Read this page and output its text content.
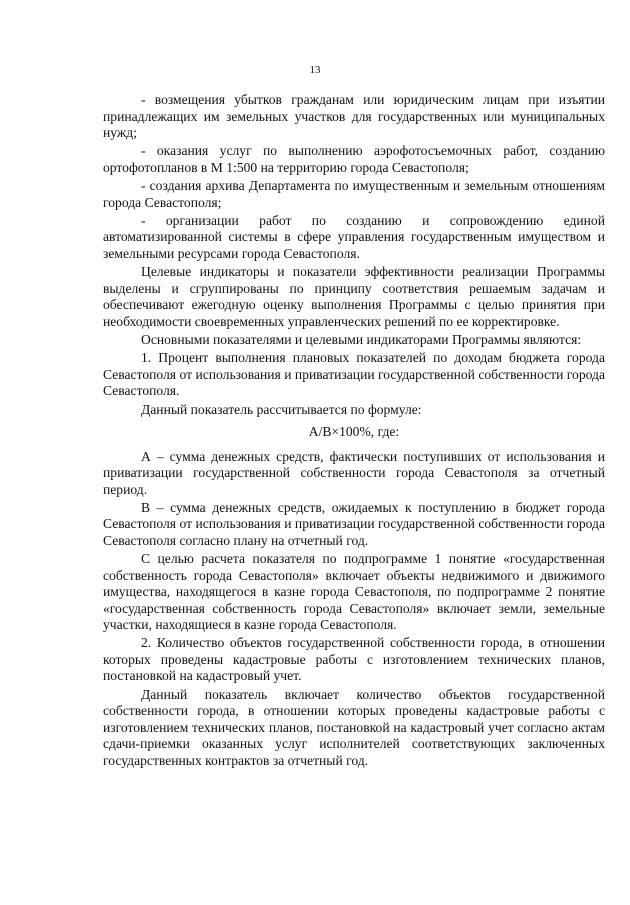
13

- возмещения убытков гражданам или юридическим лицам при изъятии принадлежащих им земельных участков для государственных или муниципальных нужд;

- оказания услуг по выполнению аэрофотосъемочных работ, созданию ортофотопланов в М 1:500 на территорию города Севастополя;

- создания архива Департамента по имущественным и земельным отношениям города Севастополя;

- организации работ по созданию и сопровождению единой автоматизированной системы в сфере управления государственным имуществом и земельными ресурсами города Севастополя.

Целевые индикаторы и показатели эффективности реализации Программы выделены и сгруппированы по принципу соответствия решаемым задачам и обеспечивают ежегодную оценку выполнения Программы с целью принятия при необходимости своевременных управленческих решений по ее корректировке.

Основными показателями и целевыми индикаторами Программы являются:

1. Процент выполнения плановых показателей по доходам бюджета города Севастополя от использования и приватизации государственной собственности города Севастополя.

Данный показатель рассчитывается по формуле:

А/В×100%, где:

А – сумма денежных средств, фактически поступивших от использования и приватизации государственной собственности города Севастополя за отчетный период.

В – сумма денежных средств, ожидаемых к поступлению в бюджет города Севастополя от использования и приватизации государственной собственности города Севастополя согласно плану на отчетный год.

С целью расчета показателя по подпрограмме 1 понятие «государственная собственность города Севастополя» включает объекты недвижимого и движимого имущества, находящегося в казне города Севастополя, по подпрограмме 2 понятие «государственная собственность города Севастополя» включает земли, земельные участки, находящиеся в казне города Севастополя.

2. Количество объектов государственной собственности города, в отношении которых проведены кадастровые работы с изготовлением технических планов, постановкой на кадастровый учет.

Данный показатель включает количество объектов государственной собственности города, в отношении которых проведены кадастровые работы с изготовлением технических планов, постановкой на кадастровый учет согласно актам сдачи-приемки оказанных услуг исполнителей соответствующих заключенных государственных контрактов за отчетный год.
